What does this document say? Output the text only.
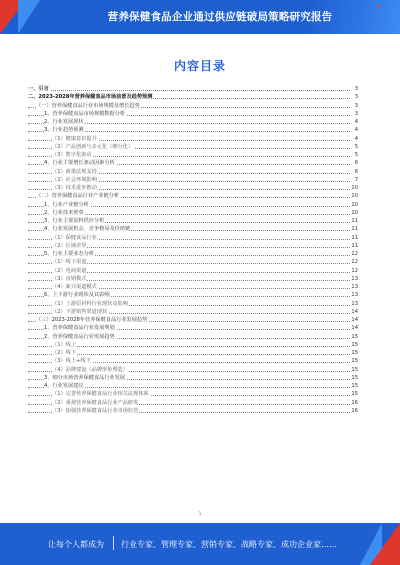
营养保健食品企业通过供应链破局策略研究报告
内容目录
一、引言	3
二、2023-2028年营养保健食品市场前景及趋势预测	3
（一）营养保健食品行业市场规模及增长趋势	3
1、营养保健食品市场规模数据分析	3
2、行业发展现状	4
3、行业趋势预测	4
（1）健康意识提升	4
（2）产品创新与多元化（细分化）	5
（3）数字化驱动	5
4、行业主要增长驱动因素分析	6
（1）政策法规支持	6
（2）社会环境影响	7
（3）技术进步推动	10
（二）营养保健食品行业产业链分析	10
1、行业产业链分析	10
2、行业技术壁垒	10
3、行业主要原料供应分析	11
4、行业发展机会、竞争格局及价值链	11
（1）保健食品行业	11
（2）区域差异	11
5、行业主要业态分析	12
（1）线下渠道	12
（2）电商渠道	12
（3）直销模式	13
（4）新兴渠道模式	13
6、上下游行业现状及其影响	13
（1）上游原材料行业现状及影响	13
（2）下游销售渠道现状	14
（三）2023-2028年营养保健食品行业发展趋势	14
1、营养保健食品行业发展规划	14
2、营养保健食品行业发展趋势	15
（1）线上	15
（2）线下	15
（3）线上+线下	15
（4）品牌建设（品牌形象塑造）	15
3、细分市场营养保健食品行业发展	15
4、行业发展建议	15
（1）完善营养保健食品行业相关法规体系	15
（2）重视营养保健食品行业产品研发	16
（3）加强营养保健食品行业市场监管	16
1
让每个人都成为 行业专家、管理专家、营销专家、战略专家、成功企业家……
